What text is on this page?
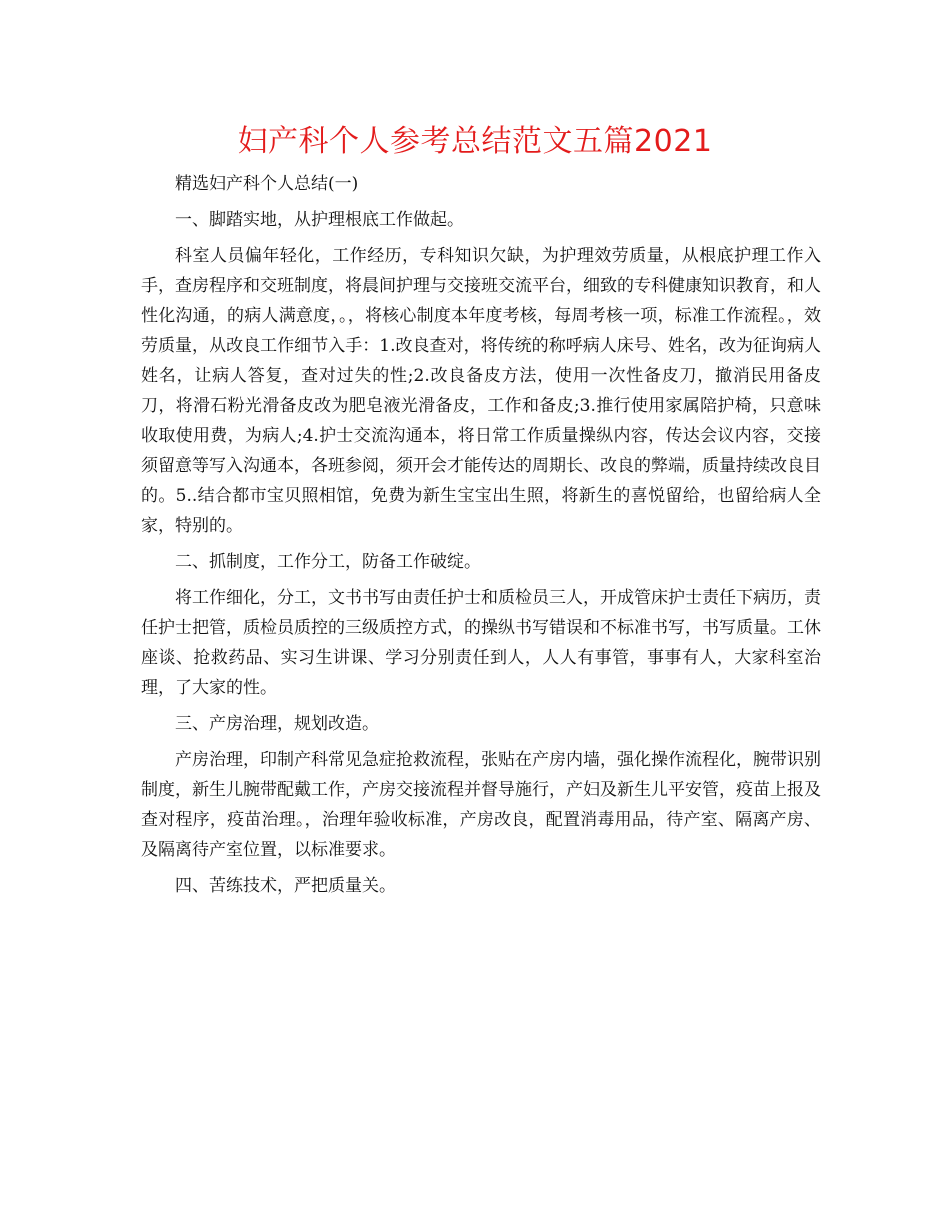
妇产科个人参考总结范文五篇2021

精选妇产科个人总结(一)

一、脚踏实地，从护理根底工作做起。

科室人员偏年轻化，工作经历，专科知识欠缺，为护理效劳质量，从根底护理工作入手，查房程序和交班制度，将晨间护理与交接班交流平台，细致的专科健康知识教育，和人性化沟通，的病人满意度，。，将核心制度本年度考核，每周考核一项，标准工作流程。，效劳质量，从改良工作细节入手：1.改良查对，将传统的称呼病人床号、姓名，改为征询病人姓名，让病人答复，查对过失的性;2.改良备皮方法，使用一次性备皮刀，撤消民用备皮刀，将滑石粉光滑备皮改为肥皂液光滑备皮，工作和备皮;3.推行使用家属陪护椅，只意味收取使用费，为病人;4.护士交流沟通本，将日常工作质量操纵内容，传达会议内容，交接须留意等写入沟通本，各班参阅，须开会才能传达的周期长、改良的弊端，质量持续改良目的。5..结合都市宝贝照相馆，免费为新生宝宝出生照，将新生的喜悦留给，也留给病人全家，特别的。

二、抓制度，工作分工，防备工作破绽。

将工作细化，分工，文书书写由责任护士和质检员三人，开成管床护士责任下病历，责任护士把管，质检员质控的三级质控方式，的操纵书写错误和不标准书写，书写质量。工休座谈、抢救药品、实习生讲课、学习分别责任到人，人人有事管，事事有人，大家科室治理，了大家的性。

三、产房治理，规划改造。

产房治理，印制产科常见急症抢救流程，张贴在产房内墙，强化操作流程化，腕带识别制度，新生儿腕带配戴工作，产房交接流程并督导施行，产妇及新生儿平安管，疫苗上报及查对程序，疫苗治理。，治理年验收标准，产房改良，配置消毒用品，待产室、隔离产房、及隔离待产室位置，以标准要求。

四、苦练技术，严把质量关。
